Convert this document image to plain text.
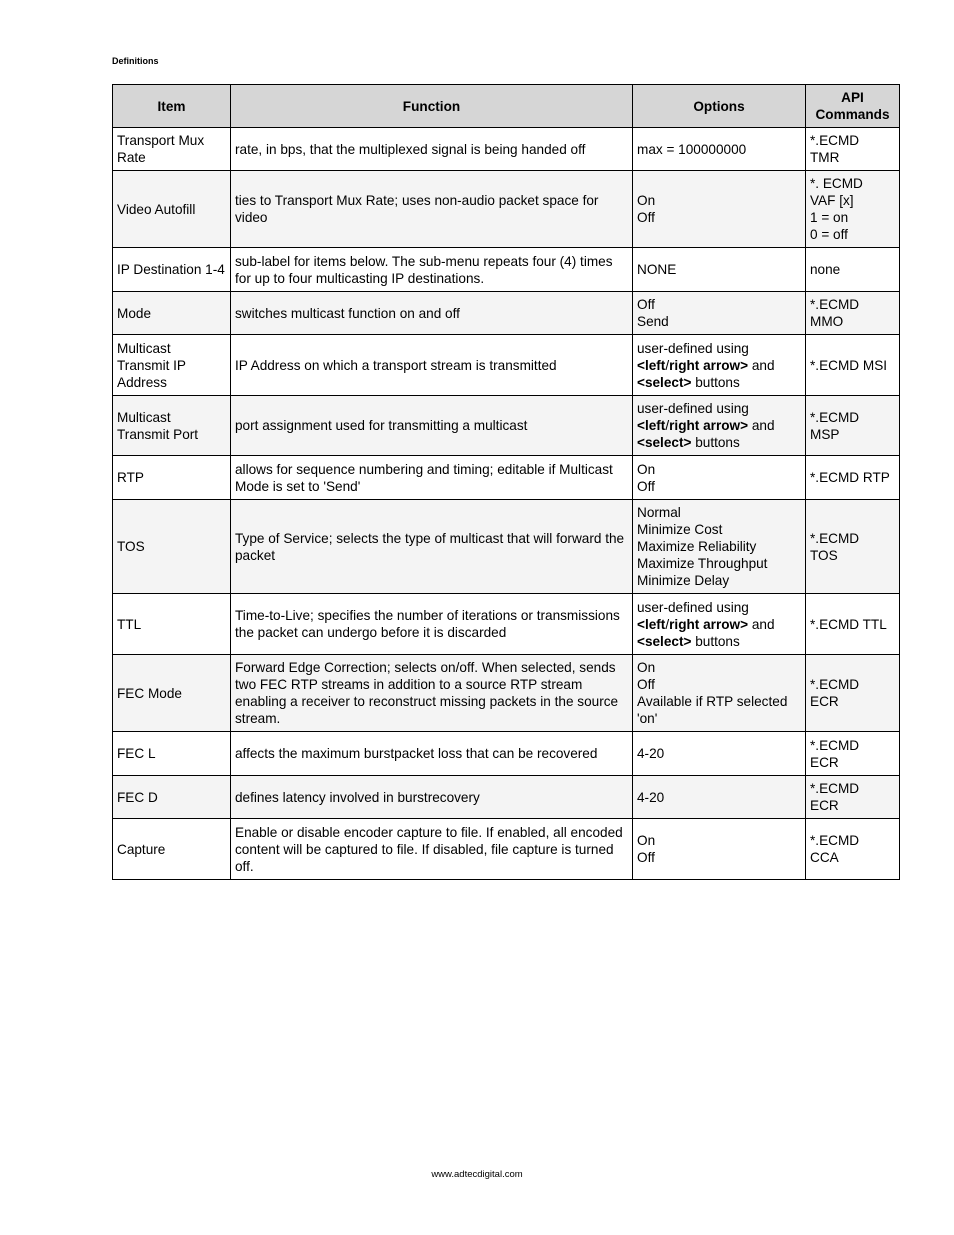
Definitions
Item	Function	Options	API Commands
Transport Mux Rate	rate, in bps, that the multiplexed signal is being handed off	max = 100000000	*.ECMD
TMR

Video Autofill	ties to Transport Mux Rate; uses non-audio packet space for video	On
Off	*. ECMD
VAF [x]
1 = on
0 = off

IP Destination 1-4	sub-label for items below. The sub-menu repeats four (4) times for up to four multicasting IP destinations.	NONE	none

Mode	switches multicast function on and off	Off
Send	*.ECMD
MMO

Multicast Transmit IP Address	IP Address on which a transport stream is transmitted	user-defined using
<left/right arrow> and
<select> buttons	*.ECMD MSI

Multicast Transmit Port	port assignment used for transmitting a multicast	user-defined using
<left/right arrow> and
<select> buttons	*.ECMD
MSP

RTP	allows for sequence numbering and timing; editable if Multicast Mode is set to 'Send'	On
Off	*.ECMD RTP

TOS	Type of Service; selects the type of multicast that will forward the packet	Normal
Minimize Cost
Maximize Reliability
Maximize Throughput
Minimize Delay	*.ECMD
TOS

TTL	Time-to-Live; specifies the number of iterations or transmissions the packet can undergo before it is discarded	user-defined using
<left/right arrow> and
<select> buttons	*.ECMD TTL

FEC Mode	Forward Edge Correction; selects on/off. When selected, sends two FEC RTP streams in addition to a source RTP stream enabling a receiver to reconstruct missing packets in the source stream.	On
Off
Available if RTP selected 'on'	*.ECMD
ECR

FEC L	affects the maximum burstpacket loss that can be recovered	4-20	*.ECMD
ECR

FEC D	defines latency involved in burstrecovery	4-20	*.ECMD
ECR

Capture	Enable or disable encoder capture to file. If enabled, all encoded content will be captured to file. If disabled, file capture is turned off.	On
Off	*.ECMD
CCA
www.adtecdigital.com
